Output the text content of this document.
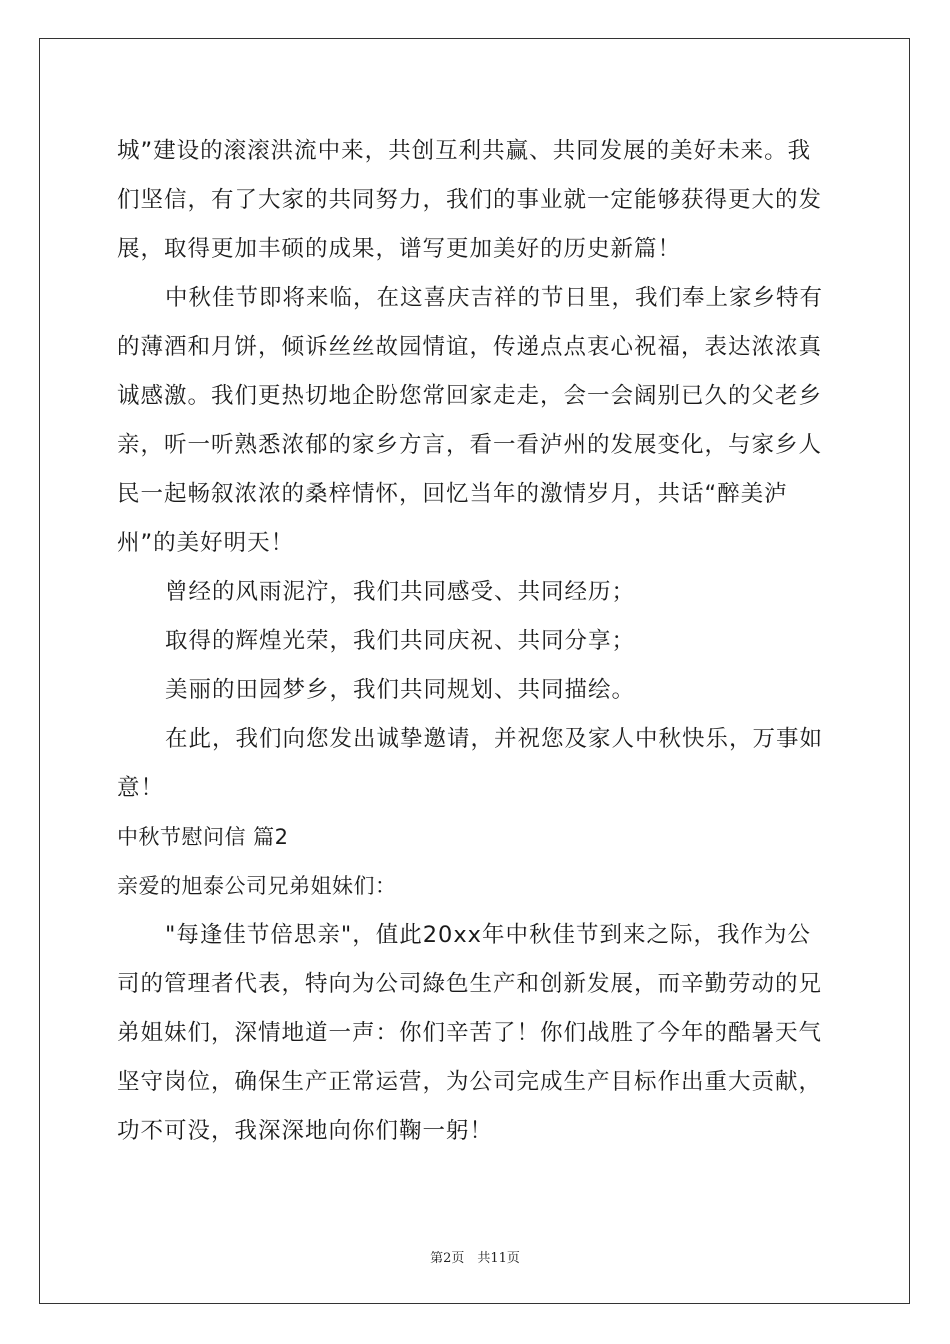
城”建设的滚滚洪流中来，共创互利共赢、共同发展的美好未来。我
们坚信，有了大家的共同努力，我们的事业就一定能够获得更大的发
展，取得更加丰硕的成果，谱写更加美好的历史新篇！
中秋佳节即将来临，在这喜庆吉祥的节日里，我们奉上家乡特有
的薄酒和月饼，倾诉丝丝故园情谊，传递点点衷心祝福，表达浓浓真
诚感激。我们更热切地企盼您常回家走走，会一会阔别已久的父老乡
亲，听一听熟悉浓郁的家乡方言，看一看泸州的发展变化，与家乡人
民一起畅叙浓浓的桑梓情怀，回忆当年的激情岁月，共话“醉美泸
州”的美好明天！
曾经的风雨泥泞，我们共同感受、共同经历；
取得的辉煌光荣，我们共同庆祝、共同分享；
美丽的田园梦乡，我们共同规划、共同描绘。
在此，我们向您发出诚挚邀请，并祝您及家人中秋快乐，万事如
意！
中秋节慰问信 篇2
亲爱的旭泰公司兄弟姐妹们：
"每逢佳节倍思亲"，值此20xx年中秋佳节到来之际，我作为公
司的管理者代表，特向为公司綠色生产和创新发展，而辛勤劳动的兄
弟姐妹们，深情地道一声：你们辛苦了！你们战胜了今年的酷暑天气
坚守岗位，确保生产正常运营，为公司完成生产目标作出重大贡献，
功不可没，我深深地向你们鞠一躬！
第2页　共11页
